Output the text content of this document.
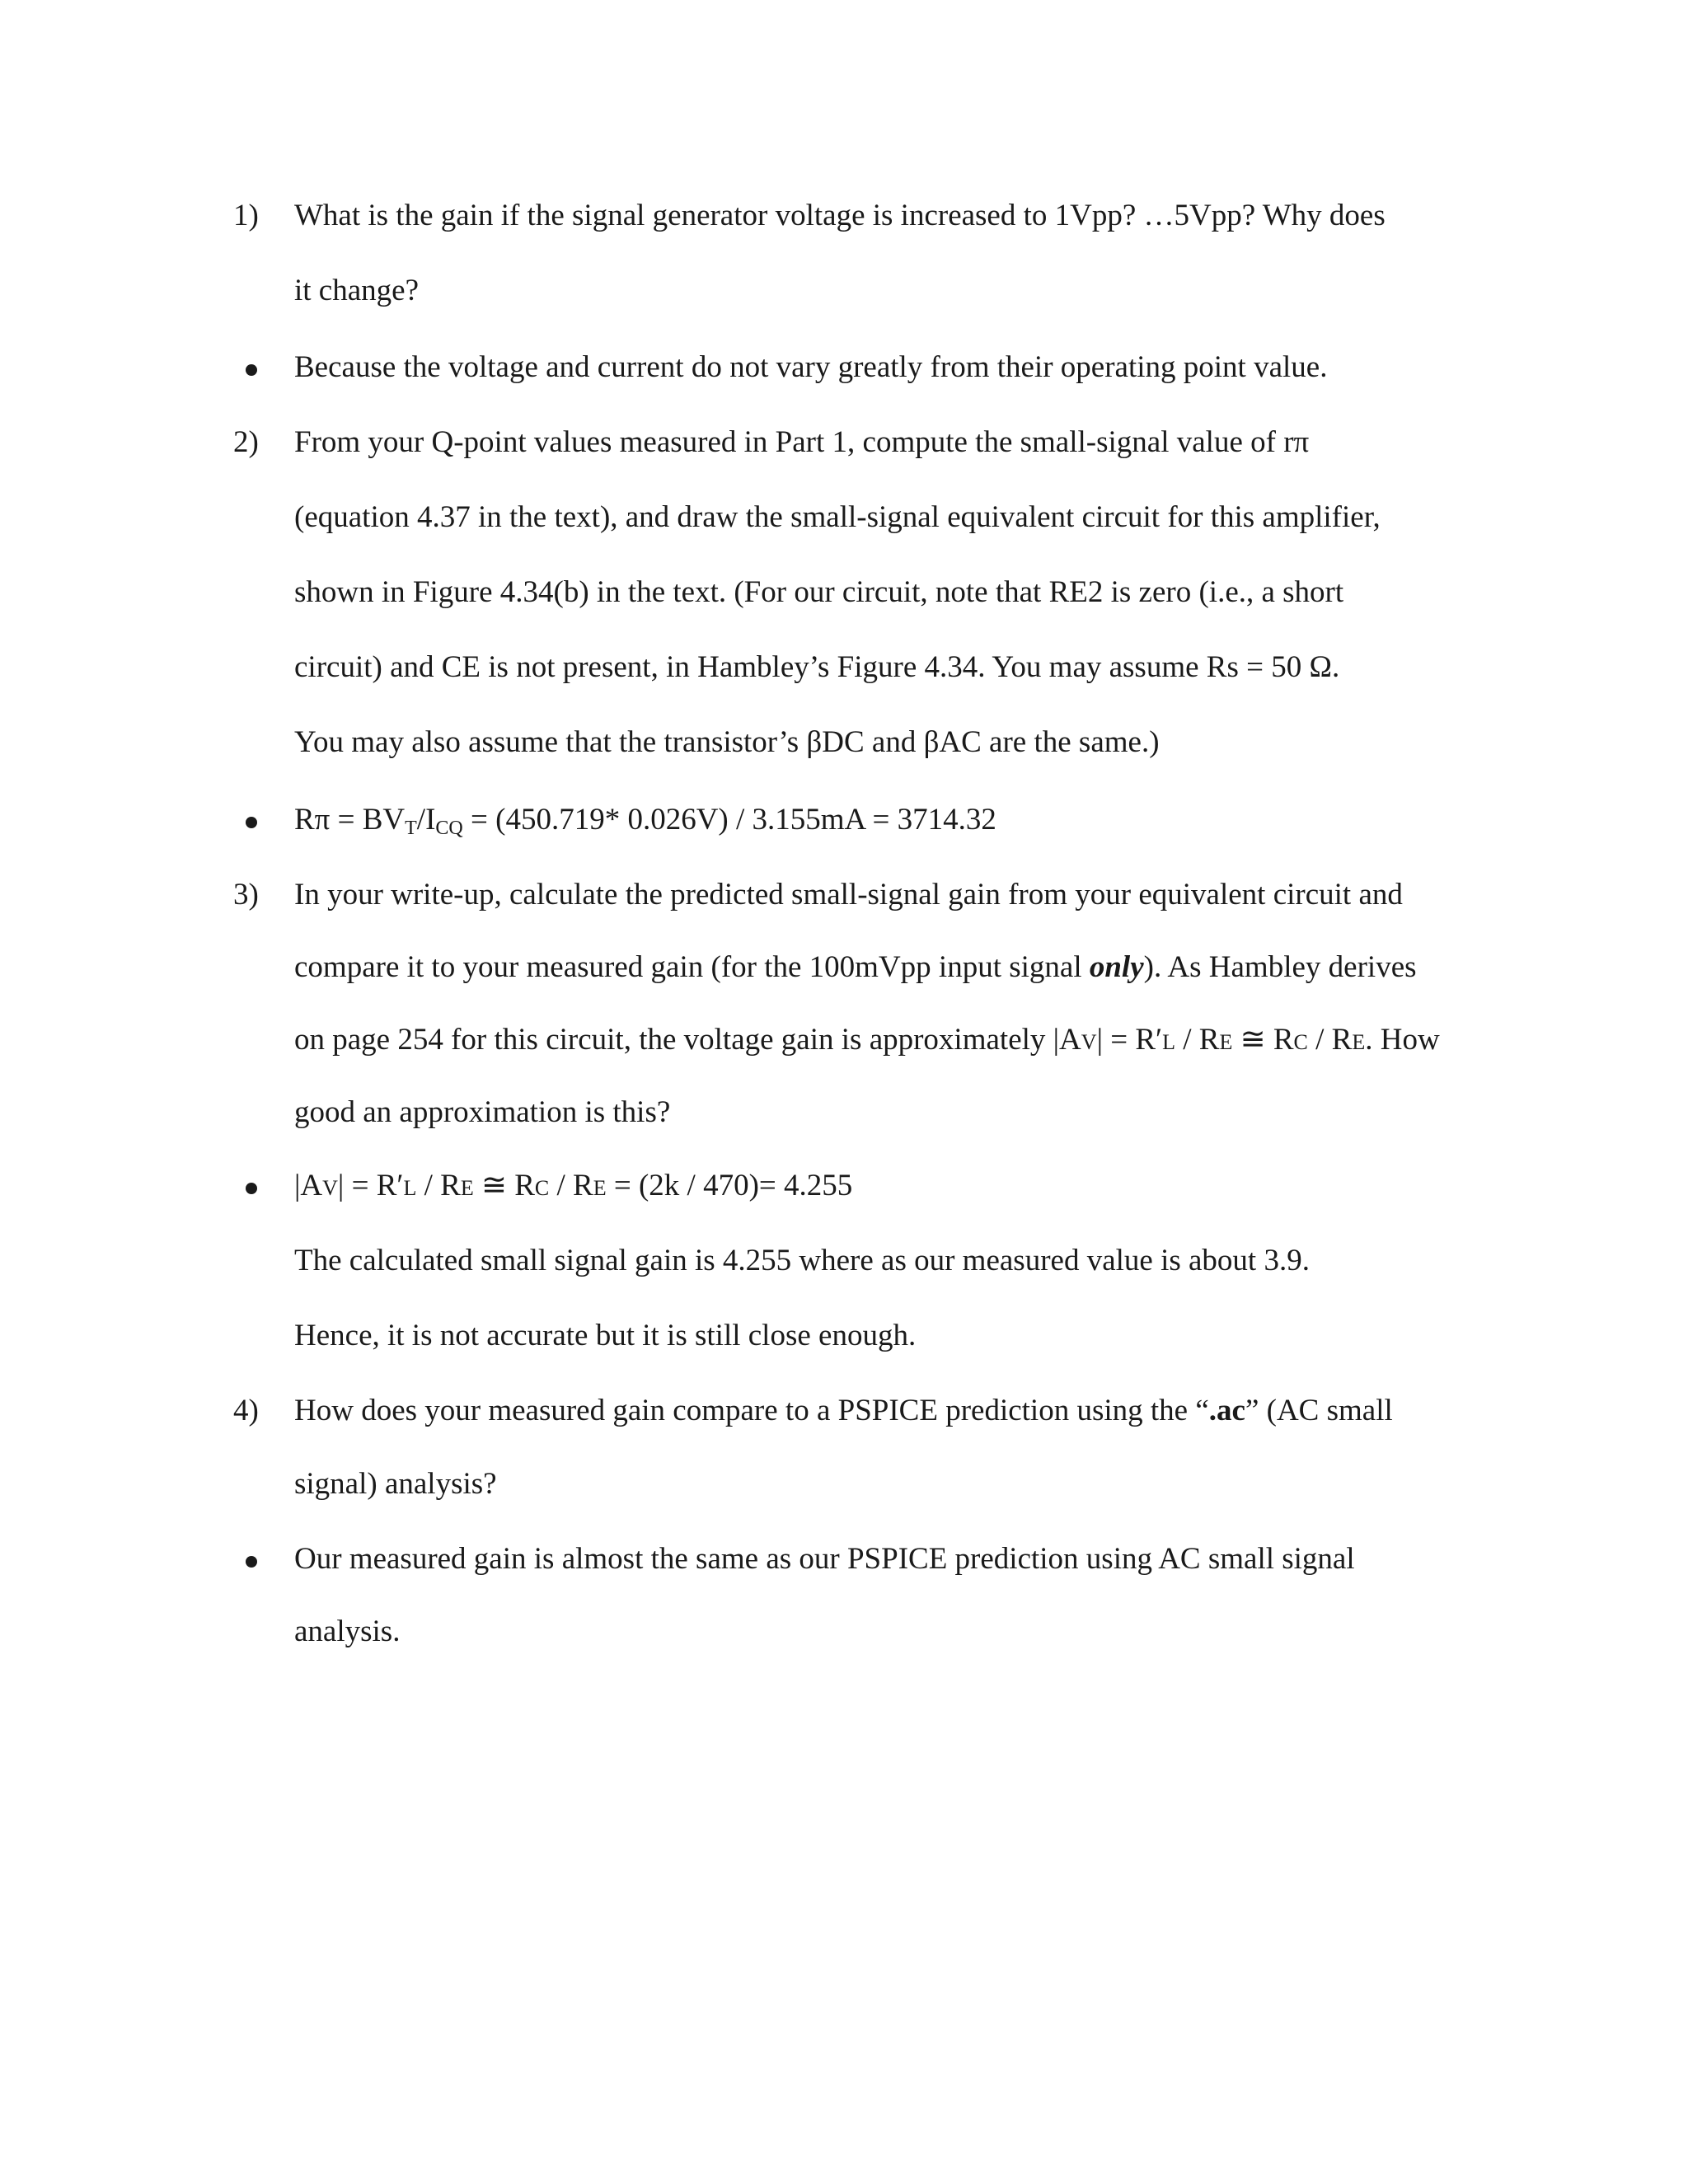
1) What is the gain if the signal generator voltage is increased to 1Vpp? …5Vpp? Why does
it change?
Because the voltage and current do not vary greatly from their operating point value.
2) From your Q-point values measured in Part 1, compute the small-signal value of rπ
(equation 4.37 in the text), and draw the small-signal equivalent circuit for this amplifier,
shown in Figure 4.34(b) in the text. (For our circuit, note that RE2 is zero (i.e., a short
circuit) and CE is not present, in Hambley’s Figure 4.34. You may assume Rs = 50 Ω.
You may also assume that the transistor’s βDC and βAC are the same.)
$R\pi = BV_T/I_{CQ} = (450.719*$ 0.026V) / 3.155mA = 3714.32
3) In your write-up, calculate the predicted small-signal gain from your equivalent circuit and
compare it to your measured gain (for the 100mVpp input signal only). As Hambley derives
on page 254 for this circuit, the voltage gain is approximately |AV| = R′L / RE ≅ RC / RE. How
good an approximation is this?
|AV| = R′L / RE ≅ RC / RE = (2k / 470)= 4.255
The calculated small signal gain is 4.255 where as our measured value is about 3.9.
Hence, it is not accurate but it is still close enough.
4) How does your measured gain compare to a PSPICE prediction using the “.ac” (AC small
signal) analysis?
Our measured gain is almost the same as our PSPICE prediction using AC small signal
analysis.
